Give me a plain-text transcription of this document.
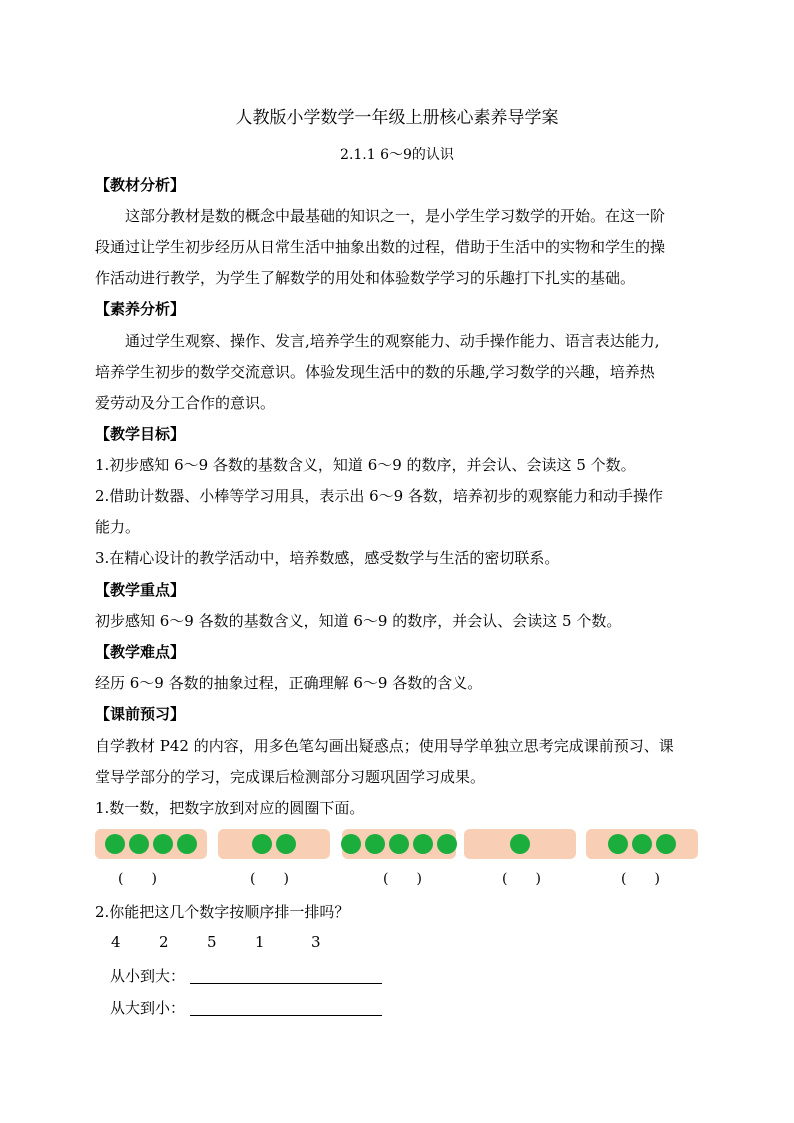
人教版小学数学一年级上册核心素养导学案
2.1.1 6～9的认识
【教材分析】
这部分教材是数的概念中最基础的知识之一，是小学生学习数学的开始。在这一阶
段通过让学生初步经历从日常生活中抽象出数的过程，借助于生活中的实物和学生的操
作活动进行教学，为学生了解数学的用处和体验数学学习的乐趣打下扎实的基础。
【素养分析】
通过学生观察、操作、发言,培养学生的观察能力、动手操作能力、语言表达能力,
培养学生初步的数学交流意识。体验发现生活中的数的乐趣,学习数学的兴趣，培养热
爱劳动及分工合作的意识。
【教学目标】
1.初步感知 6～9 各数的基数含义，知道 6～9 的数序，并会认、会读这 5 个数。
2.借助计数器、小棒等学习用具，表示出 6～9 各数，培养初步的观察能力和动手操作
能力。
3.在精心设计的教学活动中，培养数感，感受数学与生活的密切联系。
【教学重点】
初步感知 6～9 各数的基数含义，知道 6～9 的数序，并会认、会读这 5 个数。
【教学难点】
经历 6～9 各数的抽象过程，正确理解 6～9 各数的含义。
【课前预习】
自学教材 P42 的内容，用多色笔勾画出疑惑点；使用导学单独立思考完成课前预习、课
堂导学部分的学习，完成课后检测部分习题巩固学习成果。
1.数一数，把数字放到对应的圆圈下面。
(　　)	(　　)	(　　)	(　　)	(　　)
2.你能把这几个数字按顺序排一排吗？
4	2	5	1	3
从小到大：
从大到小：
